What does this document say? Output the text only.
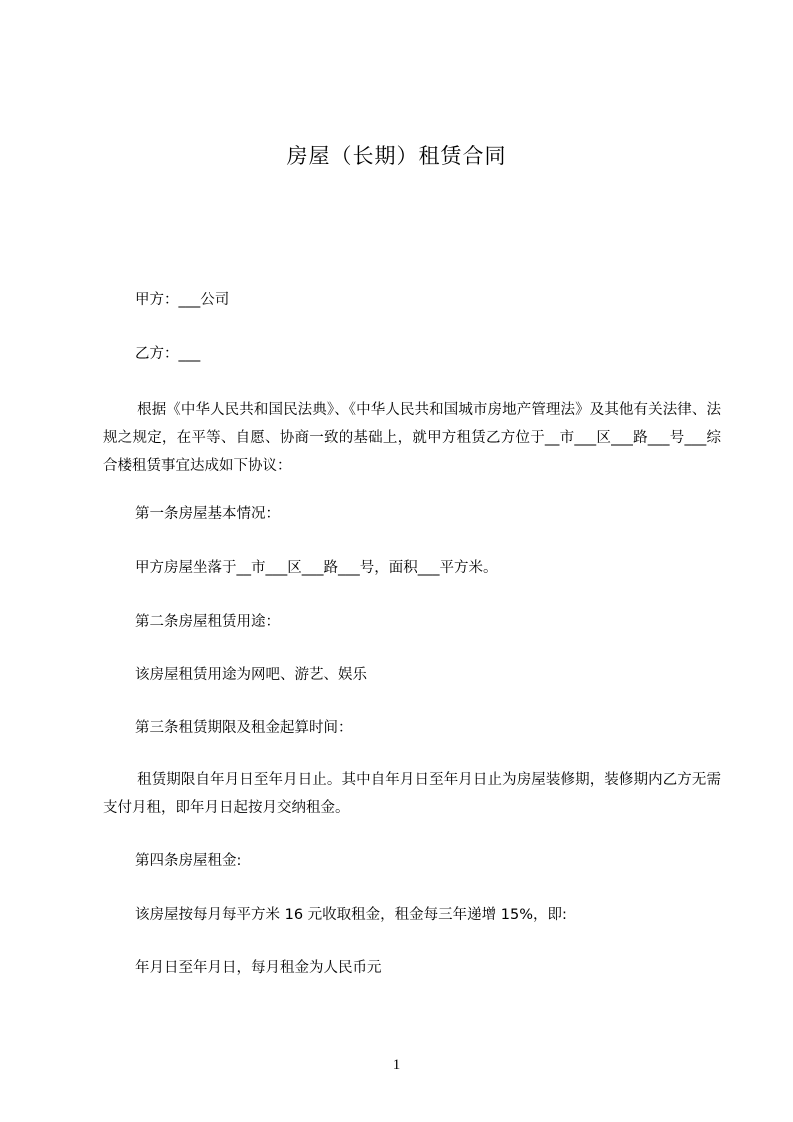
房屋（长期）租赁合同
甲方：___公司
乙方：___
根据《中华人民共和国民法典》、《中华人民共和国城市房地产管理法》及其他有关法律、法规之规定，在平等、自愿、协商一致的基础上，就甲方租赁乙方位于__市___区___路___号___综合楼租赁事宜达成如下协议：
第一条房屋基本情况：
甲方房屋坐落于__市___区___路___号，面积___平方米。
第二条房屋租赁用途：
该房屋租赁用途为网吧、游艺、娱乐
第三条租赁期限及租金起算时间：
租赁期限自年月日至年月日止。其中自年月日至年月日止为房屋装修期，装修期内乙方无需支付月租，即年月日起按月交纳租金。
第四条房屋租金:
该房屋按每月每平方米 16 元收取租金，租金每三年递增 15%，即:
年月日至年月日，每月租金为人民币元
1
